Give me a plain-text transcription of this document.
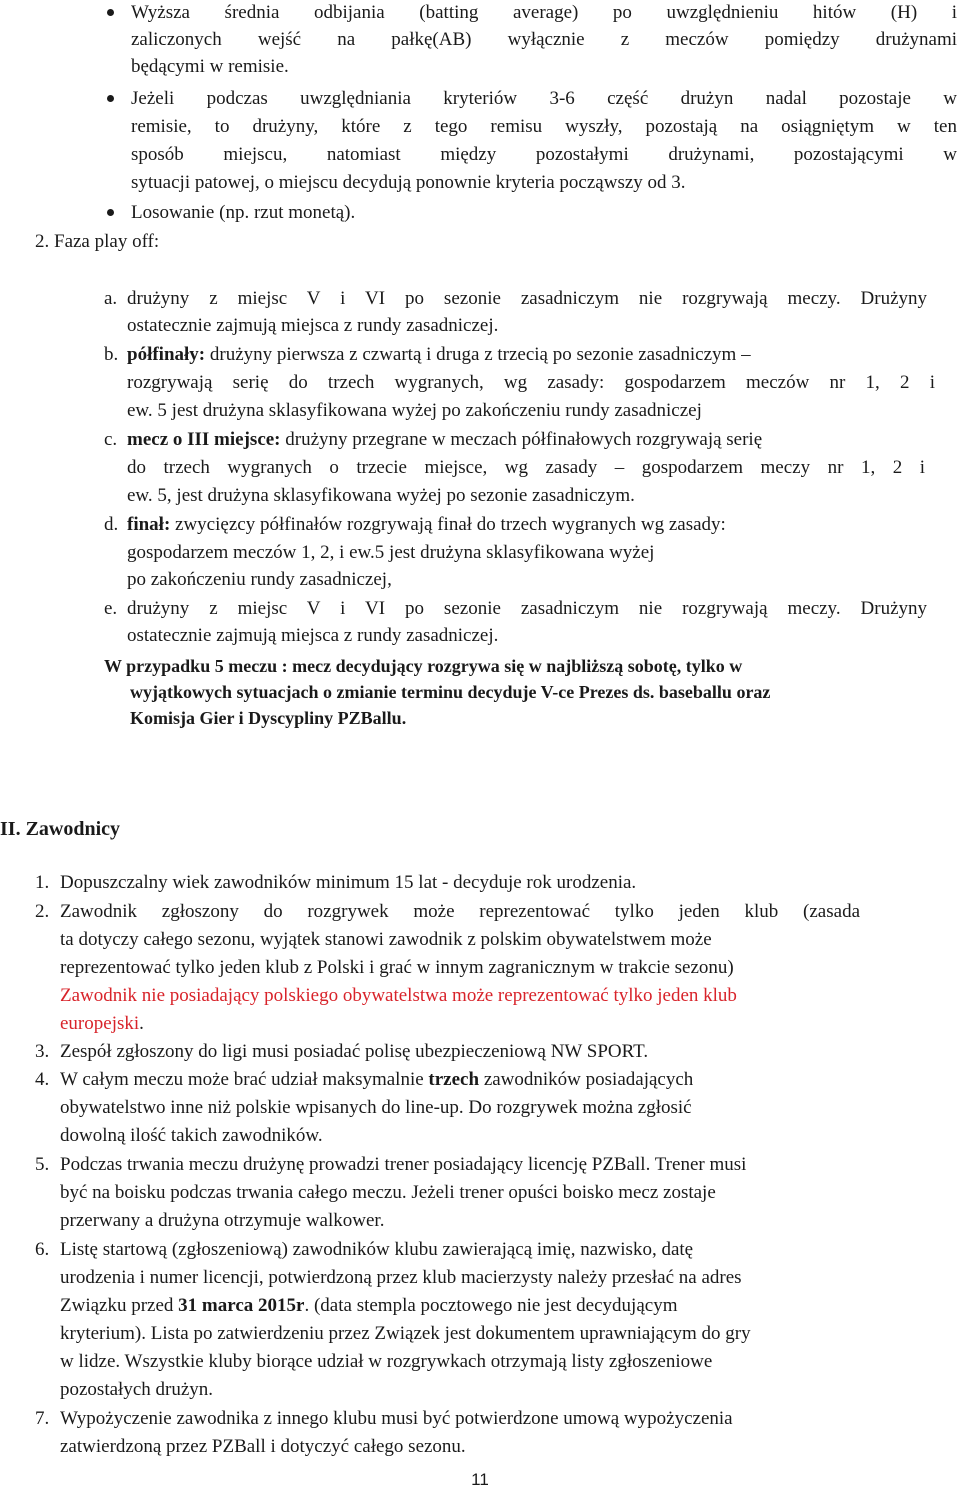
Wyższa średnia odbijania (batting average) po uwzględnieniu hitów (H) i
zaliczonych wejść na pałkę(AB) wyłącznie z meczów pomiędzy drużynami
będącymi w remisie.
Jeżeli podczas uwzględniania kryteriów 3-6 część drużyn nadal pozostaje w
remisie, to drużyny, które z tego remisu wyszły, pozostają na osiągniętym w ten
sposób miejscu, natomiast między pozostałymi drużynami, pozostającymi w
sytuacji patowej, o miejscu decydują ponownie kryteria począwszy od 3.
Losowanie (np. rzut monetą).
2. Faza play off:
a. drużyny z miejsc V i VI po sezonie zasadniczym nie rozgrywają meczy. Drużyny
ostatecznie zajmują miejsca z rundy zasadniczej.
b. półfinały: drużyny pierwsza z czwartą i druga z trzecią po sezonie zasadniczym –
rozgrywają serię do trzech wygranych, wg zasady: gospodarzem meczów nr 1, 2 i
ew. 5 jest drużyna sklasyfikowana wyżej po zakończeniu rundy zasadniczej
c. mecz o III miejsce: drużyny przegrane w meczach półfinałowych rozgrywają serię
do trzech wygranych o trzecie miejsce, wg zasady – gospodarzem meczy nr 1, 2 i
ew. 5, jest drużyna sklasyfikowana wyżej po sezonie zasadniczym.
d. finał: zwycięzcy półfinałów rozgrywają finał do trzech wygranych wg zasady:
gospodarzem meczów 1, 2, i ew.5 jest drużyna sklasyfikowana wyżej
po zakończeniu rundy zasadniczej,
e. drużyny z miejsc V i VI po sezonie zasadniczym nie rozgrywają meczy. Drużyny
ostatecznie zajmują miejsca z rundy zasadniczej.
W przypadku 5 meczu : mecz decydujący rozgrywa się w najbliższą sobotę, tylko w
wyjątkowych sytuacjach o zmianie terminu decyduje V-ce Prezes ds. baseballu oraz
Komisja Gier i Dyscypliny PZBallu.
II. Zawodnicy
1. Dopuszczalny wiek zawodników minimum 15 lat - decyduje rok urodzenia.
2. Zawodnik zgłoszony do rozgrywek może reprezentować tylko jeden klub (zasada
ta dotyczy całego sezonu, wyjątek stanowi zawodnik z polskim obywatelstwem może
reprezentować tylko jeden klub z Polski i grać w innym zagranicznym w trakcie sezonu)
Zawodnik nie posiadający polskiego obywatelstwa może reprezentować tylko jeden klub
europejski.
3. Zespół zgłoszony do ligi musi posiadać polisę ubezpieczeniową NW SPORT.
4. W całym meczu może brać udział maksymalnie trzech zawodników posiadających
obywatelstwo inne niż polskie wpisanych do line-up. Do rozgrywek można zgłosić
dowolną ilość takich zawodników.
5. Podczas trwania meczu drużynę prowadzi trener posiadający licencję PZBall. Trener musi
być na boisku podczas trwania całego meczu. Jeżeli trener opuści boisko mecz zostaje
przerwany a drużyna otrzymuje walkower.
6. Listę startową (zgłoszeniową) zawodników klubu zawierającą imię, nazwisko, datę
urodzenia i numer licencji, potwierdzoną przez klub macierzysty należy przesłać na adres
Związku przed 31 marca 2015r. (data stempla pocztowego nie jest decydującym
kryterium). Lista po zatwierdzeniu przez Związek jest dokumentem uprawniającym do gry
w lidze. Wszystkie kluby biorące udział w rozgrywkach otrzymają listy zgłoszeniowe
pozostałych drużyn.
7. Wypożyczenie zawodnika z innego klubu musi być potwierdzone umową wypożyczenia
zatwierdzoną przez PZBall i dotyczyć całego sezonu.
11
